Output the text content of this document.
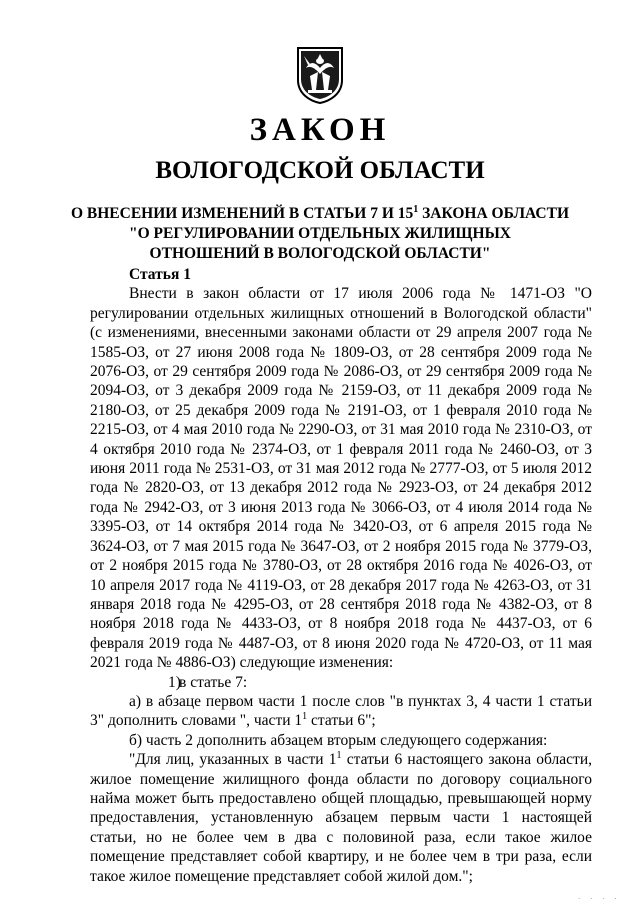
ЗАКОН
ВОЛОГОДСКОЙ ОБЛАСТИ
О ВНЕСЕНИИ ИЗМЕНЕНИЙ В СТАТЬИ 7 И $15^1$ ЗАКОНА ОБЛАСТИ
"О РЕГУЛИРОВАНИИ ОТДЕЛЬНЫХ ЖИЛИЩНЫХ
ОТНОШЕНИЙ В ВОЛОГОДСКОЙ ОБЛАСТИ"
Статья 1
Внести в закон области от 17 июля 2006 года № 1471-ОЗ "О регулировании отдельных жилищных отношений в Вологодской области" (с изменениями, внесенными законами области от 29 апреля 2007 года № 1585-ОЗ, от 27 июня 2008 года № 1809-ОЗ, от 28 сентября 2009 года № 2076-ОЗ, от 29 сентября 2009 года № 2086-ОЗ, от 29 сентября 2009 года № 2094-ОЗ, от 3 декабря 2009 года № 2159-ОЗ, от 11 декабря 2009 года № 2180-ОЗ, от 25 декабря 2009 года № 2191-ОЗ, от 1 февраля 2010 года № 2215-ОЗ, от 4 мая 2010 года № 2290-ОЗ, от 31 мая 2010 года № 2310-ОЗ, от 4 октября 2010 года № 2374-ОЗ, от 1 февраля 2011 года № 2460-ОЗ, от 3 июня 2011 года № 2531-ОЗ, от 31 мая 2012 года № 2777-ОЗ, от 5 июля 2012 года № 2820-ОЗ, от 13 декабря 2012 года № 2923-ОЗ, от 24 декабря 2012 года № 2942-ОЗ, от 3 июня 2013 года № 3066-ОЗ, от 4 июля 2014 года № 3395-ОЗ, от 14 октября 2014 года № 3420-ОЗ, от 6 апреля 2015 года № 3624-ОЗ, от 7 мая 2015 года № 3647-ОЗ, от 2 ноября 2015 года № 3779-ОЗ, от 2 ноября 2015 года № 3780-ОЗ, от 28 октября 2016 года № 4026-ОЗ, от 10 апреля 2017 года № 4119-ОЗ, от 28 декабря 2017 года № 4263-ОЗ, от 31 января 2018 года № 4295-ОЗ, от 28 сентября 2018 года № 4382-ОЗ, от 8 ноября 2018 года № 4433-ОЗ, от 8 ноября 2018 года № 4437-ОЗ, от 6 февраля 2019 года № 4487-ОЗ, от 8 июня 2020 года № 4720-ОЗ, от 11 мая 2021 года № 4886-ОЗ) следующие изменения:
1)в статье 7:
а) в абзаце первом части 1 после слов "в пунктах 3, 4 части 1 статьи 3" дополнить словами ", части $1^1$ статьи 6";
б) часть 2 дополнить абзацем вторым следующего содержания:
"Для лиц, указанных в части $1^1$ статьи 6 настоящего закона области, жилое помещение жилищного фонда области по договору социального найма может быть предоставлено общей площадью, превышающей норму предоставления, установленную абзацем первым части 1 настоящей статьи, но не более чем в два с половиной раза, если такое жилое помещение представляет собой квартиру, и не более чем в три раза, если такое жилое помещение представляет собой жилой дом.";
· · · ·
